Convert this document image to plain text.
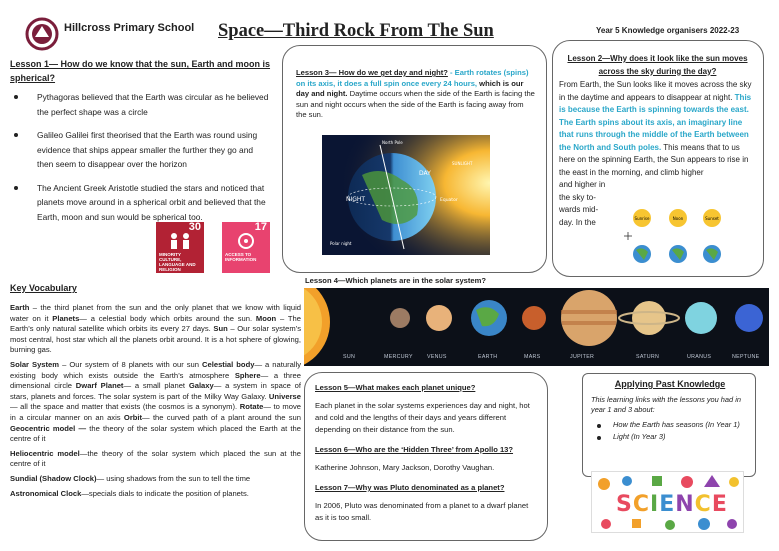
Hillcross Primary School Space—Third Rock From The Sun	Year 5 Knowledge organisers 2022-23
Lesson 1— How do we know that the sun, Earth and moon is spherical?
Pythagoras believed that the Earth was circular as he believed the perfect shape was a circle
Galileo Galilei first theorised that the Earth was round using evidence that ships appear smaller the further they go and then seem to disappear over the horizon
The Ancient Greek Aristotle studied the stars and noticed that planets move around in a spherical orbit and believed that the Earth, moon and sun would be spherical too.
30
MINORITY CULTURE, LANGUAGE AND RELIGION
17
ACCESS TO INFORMATION
Key Vocabulary

Earth – the third planet from the sun and the only planet that we know with liquid water on it Planets— a celestial body which orbits around the sun. Moon – The Earth’s only natural satellite which orbits its every 27 days. Sun – Our solar system’s most central, host star which all the planets orbit around. It is a hot sphere of glowing, burning gas.

Solar System – Our system of 8 planets with our sun Celestial body— a naturally existing body which exists outside the Earth’s atmosphere Sphere— a three dimensional circle Dwarf Planet— a small planet Galaxy— a system in space of stars, planets and forces. The solar system is part of the Milky Way Galaxy. Universe— all the space and matter that exists (the cosmos is a synonym). Rotate— to move in a circular manner on an axis Orbit— the curved path of a plant around the sun Geocentric model — the theory of the solar system which placed the Earth at the centre of it

Heliocentric model—the theory of the solar system which placed the sun at the centre of it

Sundial (Shadow Clock)— using shadows from the sun to tell the time

Astronomical Clock—specials dials to indicate the position of planets.

Lesson 3— How do we get day and night? - Earth rotates (spins) on its axis, it does a full spin once every 24 hours, which is our day and night. Daytime occurs when the side of the Earth is facing the sun and night occurs when the side of the Earth is facing away from the sun.
DAY
NIGHT	Equator
North Pole
Polar night
SUNLIGHT
Lesson 2—Why does it look like the sun moves across the sky during the day?
From Earth, the Sun looks like it moves across the sky in the daytime and appears to disappear at night. This is because the Earth is spinning towards the east. The Earth spins about its axis, an imaginary line that runs through the middle of the Earth between the North and South poles. This means that to us here on the spinning Earth, the Sun appears to rise in the east in the morning, and climb higher
and higher in
the sky to-
wards mid-
day. In the	Sunrise	Noon	Sunset
Lesson 4—Which planets are in the solar system?
SUN	MERCURY	VENUS	EARTH	MARS	JUPITER	SATURN	URANUS	NEPTUNE
Lesson 5—What makes each planet unique?

Each planet in the solar systems experiences day and night, hot and cold and the lengths of their days and years different depending on their distance from the sun.

Lesson 6—Who are the ‘Hidden Three’ from Apollo 13?

Katherine Johnson, Mary Jackson, Dorothy Vaughan.

Lesson 7—Why was Pluto denominated as a planet?

In 2006, Pluto was denominated from a planet to a dwarf planet as it is too small.

Applying Past Knowledge
This learning links with the lessons you had in year 1 and 3 about:
How the Earth has seasons (In Year 1)
Light (In Year 3)
SCIENCE
